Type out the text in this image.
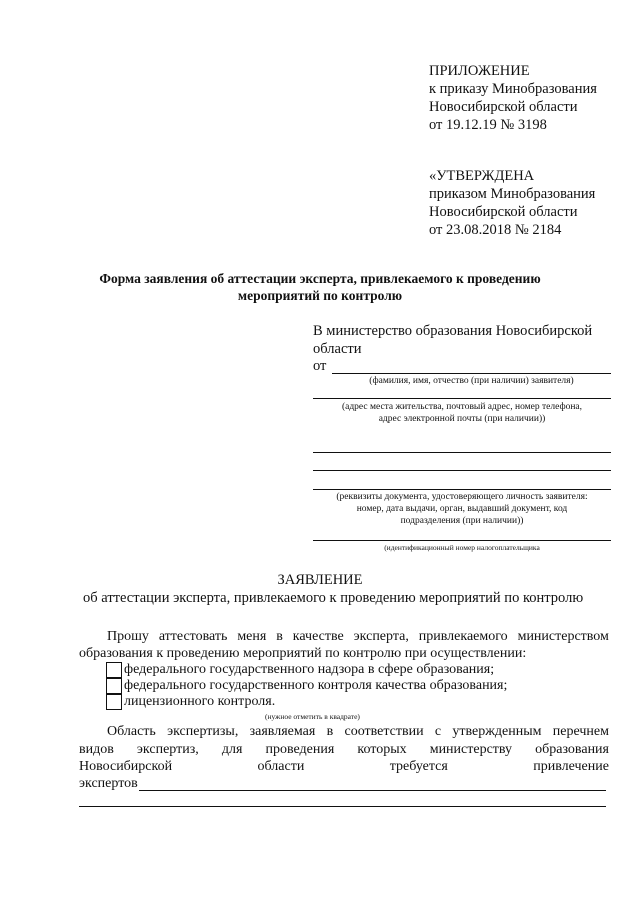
ПРИЛОЖЕНИЕ
к приказу Минобразования
Новосибирской области
от 19.12.19 № 3198
«УТВЕРЖДЕНА
приказом Минобразования
Новосибирской области
от 23.08.2018 № 2184
Форма заявления об аттестации эксперта, привлекаемого к проведению
мероприятий по контролю
В министерство образования Новосибирской
области
от
(фамилия, имя, отчество (при наличии) заявителя)
(адрес места жительства, почтовый адрес, номер телефона,
адрес электронной почты (при наличии))
(реквизиты документа, удостоверяющего личность заявителя:
номер, дата выдачи, орган, выдавший документ, код
подразделения (при наличии))
(идентификационный номер налогоплательщика
ЗАЯВЛЕНИЕ
об аттестации эксперта, привлекаемого к проведению мероприятий по контролю
Прошу аттестовать меня в качестве эксперта, привлекаемого министерством
образования к проведению мероприятий по контролю при осуществлении:
федерального государственного надзора в сфере образования;
федерального государственного контроля качества образования;
лицензионного контроля.
(нужное отметить в квадрате)
Область экспертизы, заявляемая в соответствии с утвержденным перечнем
видов экспертиз, для проведения которых министерству образования
Новосибирской	области	требуется	привлечение
экспертов
